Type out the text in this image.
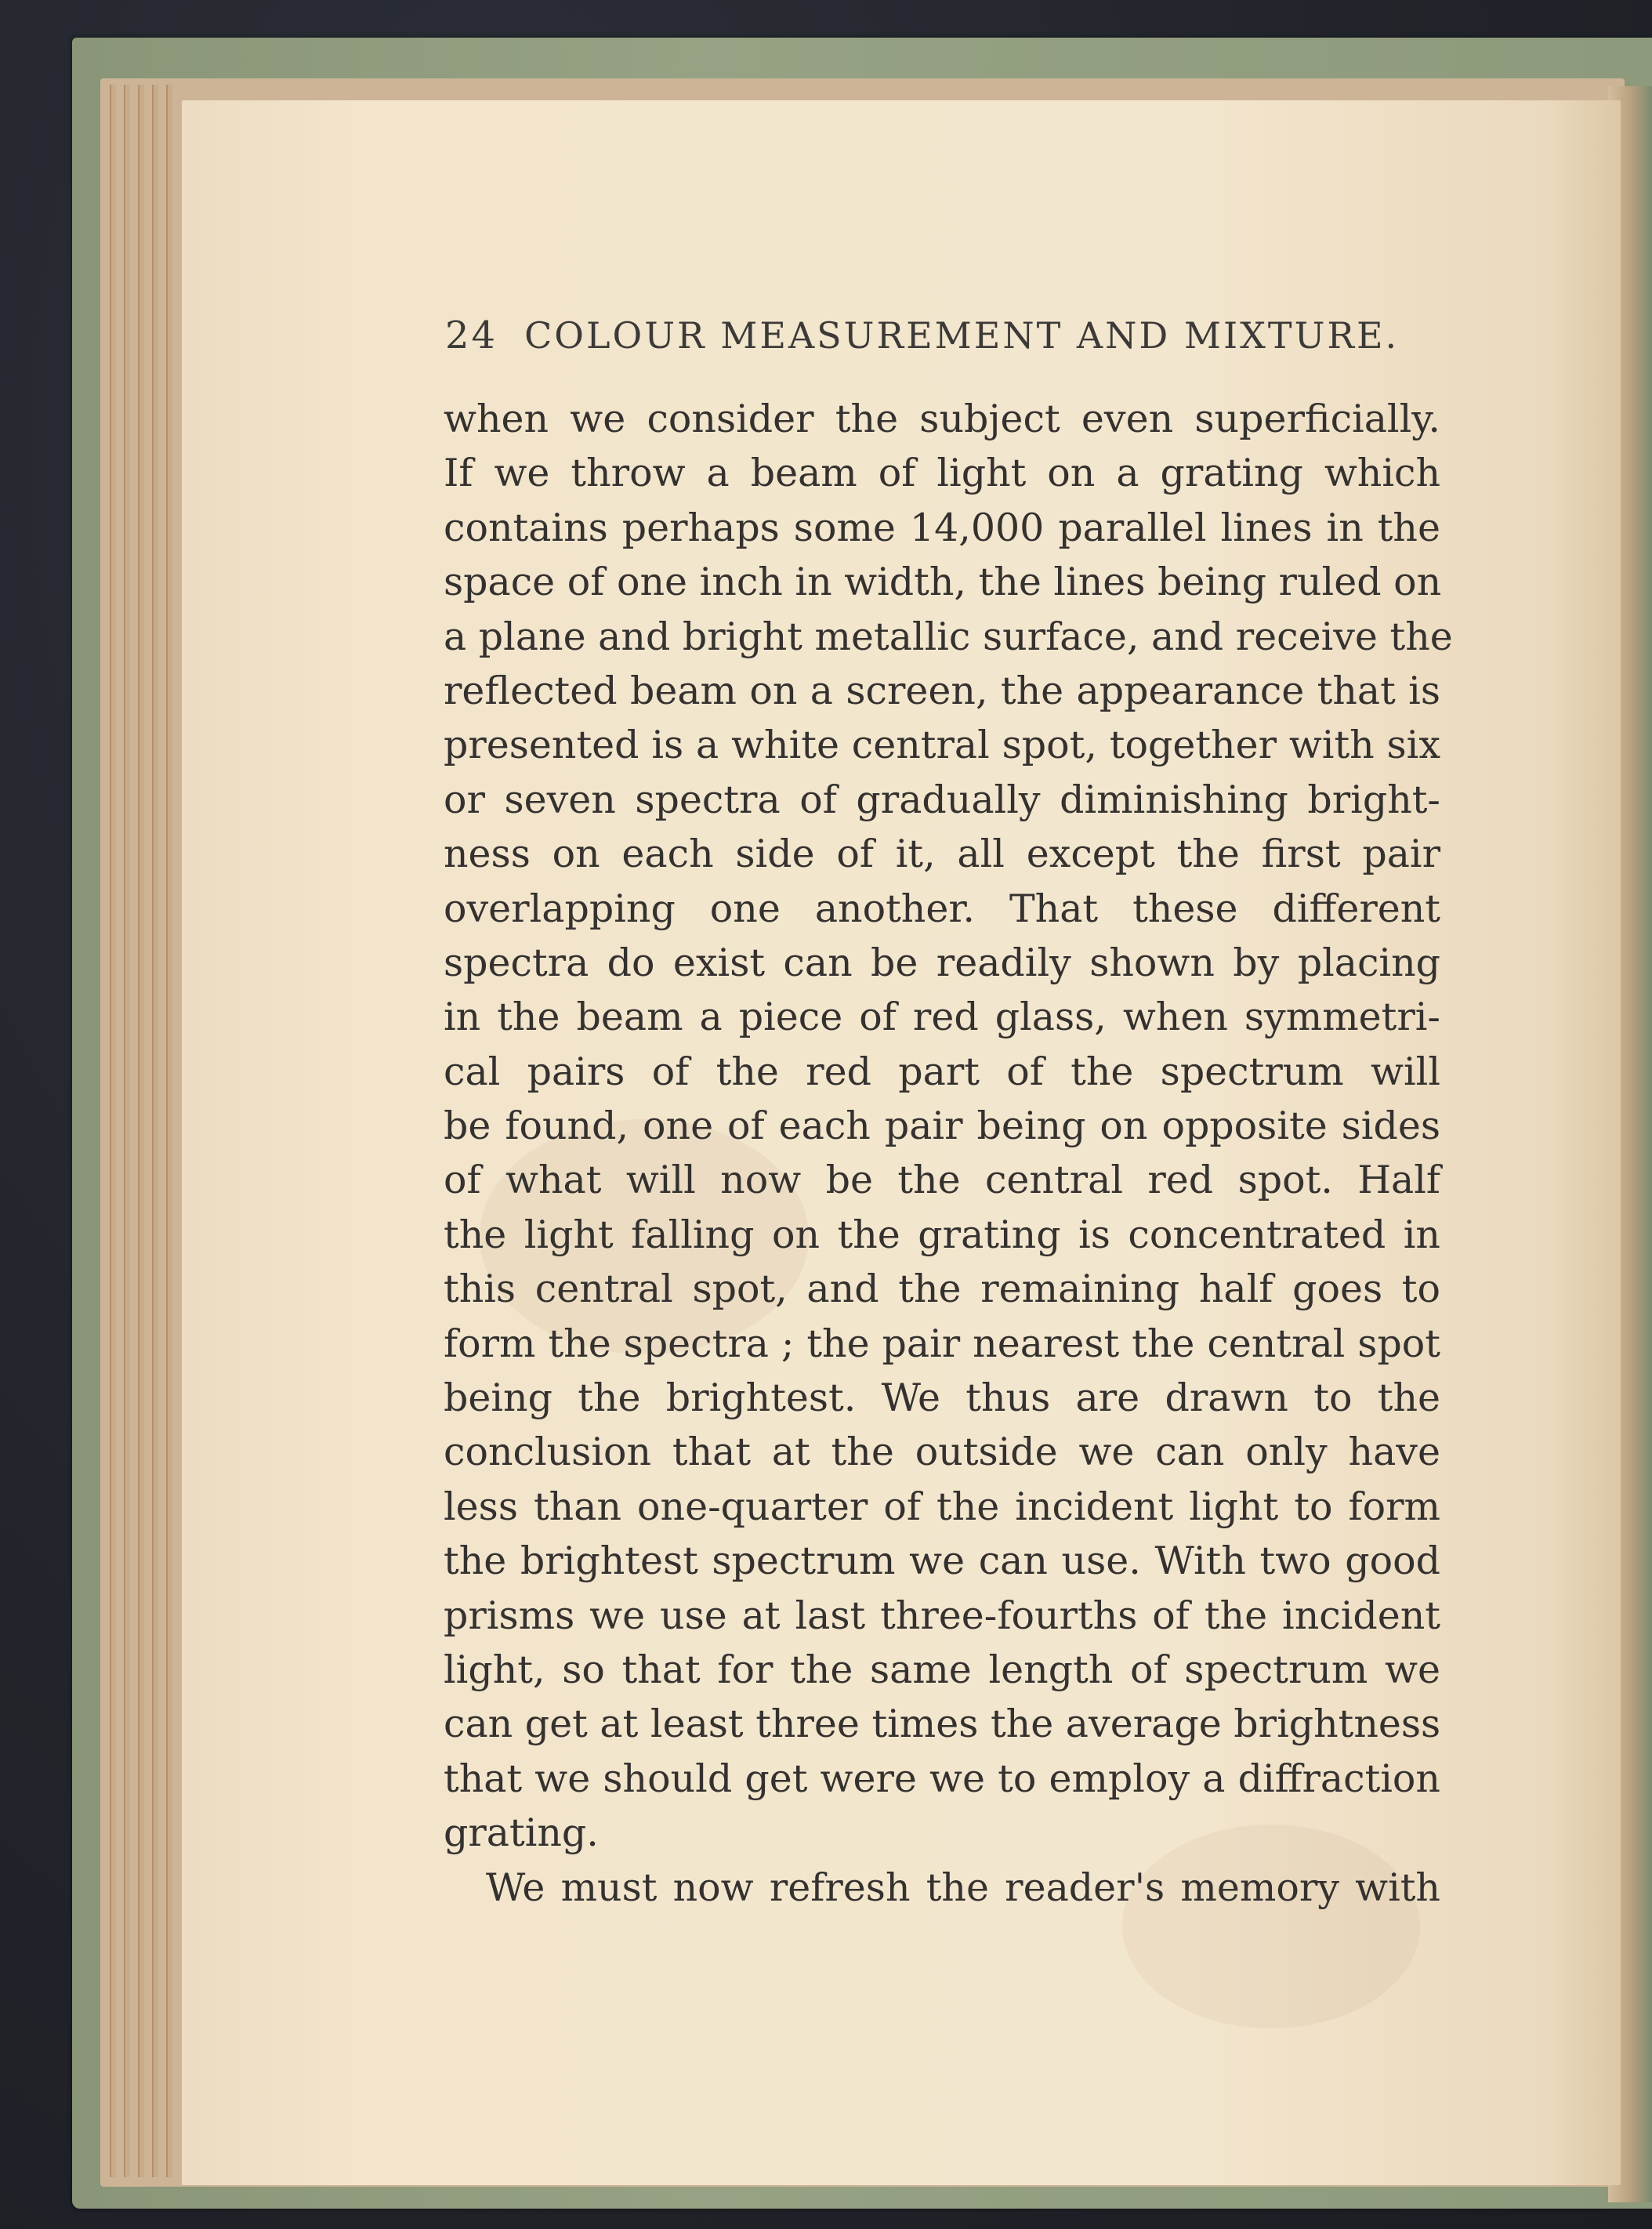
24 COLOUR MEASUREMENT AND MIXTURE.
when we consider the subject even superficially.
If we throw a beam of light on a grating which
contains perhaps some 14,000 parallel lines in the
space of one inch in width, the lines being ruled on
a plane and bright metallic surface, and receive the
reflected beam on a screen, the appearance that is
presented is a white central spot, together with six
or seven spectra of gradually diminishing bright-
ness on each side of it, all except the first pair
overlapping one another. That these different
spectra do exist can be readily shown by placing
in the beam a piece of red glass, when symmetri-
cal pairs of the red part of the spectrum will
be found, one of each pair being on opposite sides
of what will now be the central red spot. Half
the light falling on the grating is concentrated in
this central spot, and the remaining half goes to
form the spectra ; the pair nearest the central spot
being the brightest. We thus are drawn to the
conclusion that at the outside we can only have
less than one-quarter of the incident light to form
the brightest spectrum we can use. With two good
prisms we use at last three-fourths of the incident
light, so that for the same length of spectrum we
can get at least three times the average brightness
that we should get were we to employ a diffraction
grating.
We must now refresh the reader's memory with
